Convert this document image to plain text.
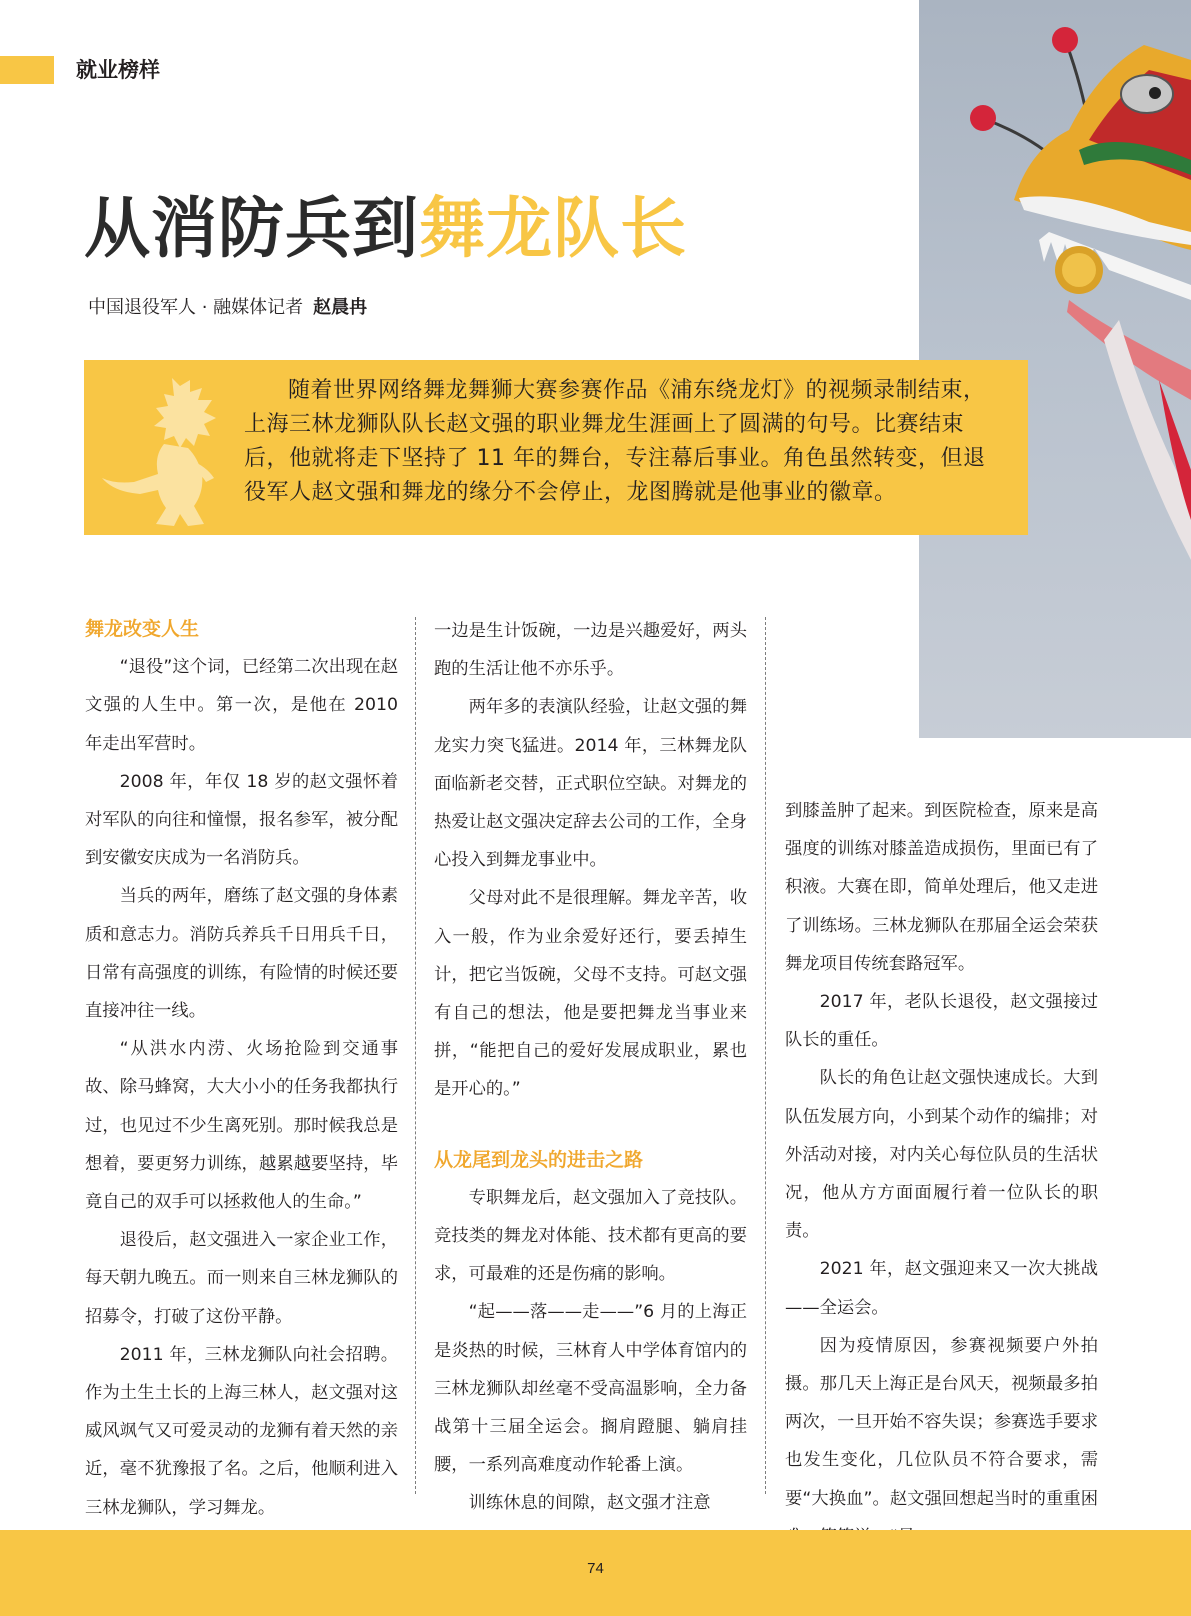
就业榜样
从消防兵到舞龙队长
中国退役军人 · 融媒体记者 赵晨冉

随着世界网络舞龙舞狮大赛参赛作品《浦东绕龙灯》的视频录制结束，上海三林龙狮队队长赵文强的职业舞龙生涯画上了圆满的句号。比赛结束后，他就将走下坚持了 11 年的舞台，专注幕后事业。角色虽然转变，但退役军人赵文强和舞龙的缘分不会停止，龙图腾就是他事业的徽章。

舞龙改变人生

“退役”这个词，已经第二次出现在赵文强的人生中。第一次，是他在 2010 年走出军营时。

2008 年，年仅 18 岁的赵文强怀着对军队的向往和憧憬，报名参军，被分配到安徽安庆成为一名消防兵。

当兵的两年，磨练了赵文强的身体素质和意志力。消防兵养兵千日用兵千日，日常有高强度的训练，有险情的时候还要直接冲往一线。

“从洪水内涝、火场抢险到交通事故、除马蜂窝，大大小小的任务我都执行过，也见过不少生离死别。那时候我总是想着，要更努力训练，越累越要坚持，毕竟自己的双手可以拯救他人的生命。”

退役后，赵文强进入一家企业工作，每天朝九晚五。而一则来自三林龙狮队的招募令，打破了这份平静。

2011 年，三林龙狮队向社会招聘。作为土生土长的上海三林人，赵文强对这威风飒气又可爱灵动的龙狮有着天然的亲近，毫不犹豫报了名。之后，他顺利进入三林龙狮队，学习舞龙。

一边是生计饭碗，一边是兴趣爱好，两头跑的生活让他不亦乐乎。

两年多的表演队经验，让赵文强的舞龙实力突飞猛进。2014 年，三林舞龙队面临新老交替，正式职位空缺。对舞龙的热爱让赵文强决定辞去公司的工作，全身心投入到舞龙事业中。

父母对此不是很理解。舞龙辛苦，收入一般，作为业余爱好还行，要丢掉生计，把它当饭碗，父母不支持。可赵文强有自己的想法，他是要把舞龙当事业来拼，“能把自己的爱好发展成职业，累也是开心的。”

从龙尾到龙头的进击之路

专职舞龙后，赵文强加入了竞技队。竞技类的舞龙对体能、技术都有更高的要求，可最难的还是伤痛的影响。

“起——落——走——”6 月的上海正是炎热的时候，三林育人中学体育馆内的三林龙狮队却丝毫不受高温影响，全力备战第十三届全运会。搁肩蹬腿、躺肩挂腰，一系列高难度动作轮番上演。

训练休息的间隙，赵文强才注意

到膝盖肿了起来。到医院检查，原来是高强度的训练对膝盖造成损伤，里面已有了积液。大赛在即，简单处理后，他又走进了训练场。三林龙狮队在那届全运会荣获舞龙项目传统套路冠军。

2017 年，老队长退役，赵文强接过队长的重任。

队长的角色让赵文强快速成长。大到队伍发展方向，小到某个动作的编排；对外活动对接，对内关心每位队员的生活状况，他从方方面面履行着一位队长的职责。

2021 年，赵文强迎来又一次大挑战——全运会。

因为疫情原因，参赛视频要户外拍摄。那几天上海正是台风天，视频最多拍两次，一旦开始不容失误；参赛选手要求也发生变化，几位队员不符合要求，需要“大换血”。赵文强回想起当时的重重困

74
